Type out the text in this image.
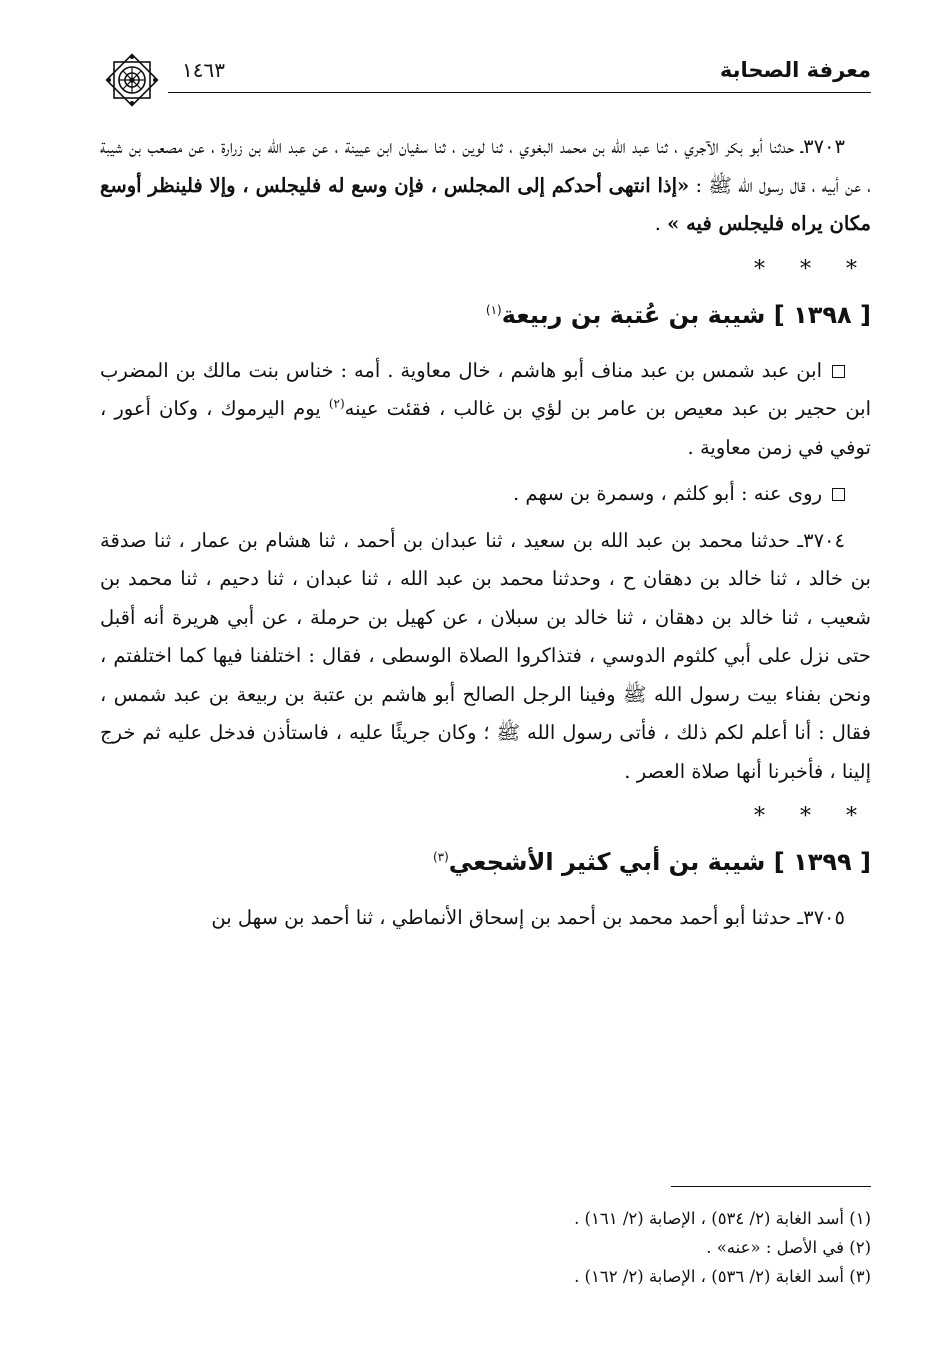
معرفة الصحابة
١٤٦٣

٣٧٠٣ـ حدثنا أبو بكر الآجري ، ثنا عبد الله بن محمد البغوي ، ثنا لوين ، ثنا سفيان ابن عيينة ، عن عبد الله بن زرارة ، عن مصعب بن شيبة ، عن أبيه ، قال رسول الله ﷺ : «إذا انتهى أحدكم إلى المجلس ، فإن وسع له فليجلس ، وإلا فلينظر أوسع مكان يراه فليجلس فيه » .

* * *
[ ١٣٩٨ ] شيبة بن عُتبة بن ربيعة$^{(١)}$

ابن عبد شمس بن عبد مناف أبو هاشم ، خال معاوية . أمه : خناس بنت مالك بن المضرب ابن حجير بن عبد معيص بن عامر بن لؤي بن غالب ، فقئت عينه$^{(٢)}$ يوم اليرموك ، وكان أعور ، توفي في زمن معاوية .

روى عنه : أبو كلثم ، وسمرة بن سهم .

٣٧٠٤ـ حدثنا محمد بن عبد الله بن سعيد ، ثنا عبدان بن أحمد ، ثنا هشام بن عمار ، ثنا صدقة بن خالد ، ثنا خالد بن دهقان ح ، وحدثنا محمد بن عبد الله ، ثنا عبدان ، ثنا دحيم ، ثنا محمد بن شعيب ، ثنا خالد بن دهقان ، ثنا خالد بن سبلان ، عن كهيل بن حرملة ، عن أبي هريرة أنه أقبل حتى نزل على أبي كلثوم الدوسي ، فتذاكروا الصلاة الوسطى ، فقال : اختلفنا فيها كما اختلفتم ، ونحن بفناء بيت رسول الله ﷺ وفينا الرجل الصالح أبو هاشم بن عتبة بن ربيعة بن عبد شمس ، فقال : أنا أعلم لكم ذلك ، فأتى رسول الله ﷺ ؛ وكان جريئًا عليه ، فاستأذن فدخل عليه ثم خرج إلينا ، فأخبرنا أنها صلاة العصر .

* * *
[ ١٣٩٩ ] شيبة بن أبي كثير الأشجعي$^{(٣)}$

٣٧٠٥ـ حدثنا أبو أحمد محمد بن أحمد بن إسحاق الأنماطي ، ثنا أحمد بن سهل بن

(١) أسد الغابة (٢/ ٥٣٤) ، الإصابة (٢/ ١٦١) .

(٢) في الأصل : «عنه» .

(٣) أسد الغابة (٢/ ٥٣٦) ، الإصابة (٢/ ١٦٢) .
